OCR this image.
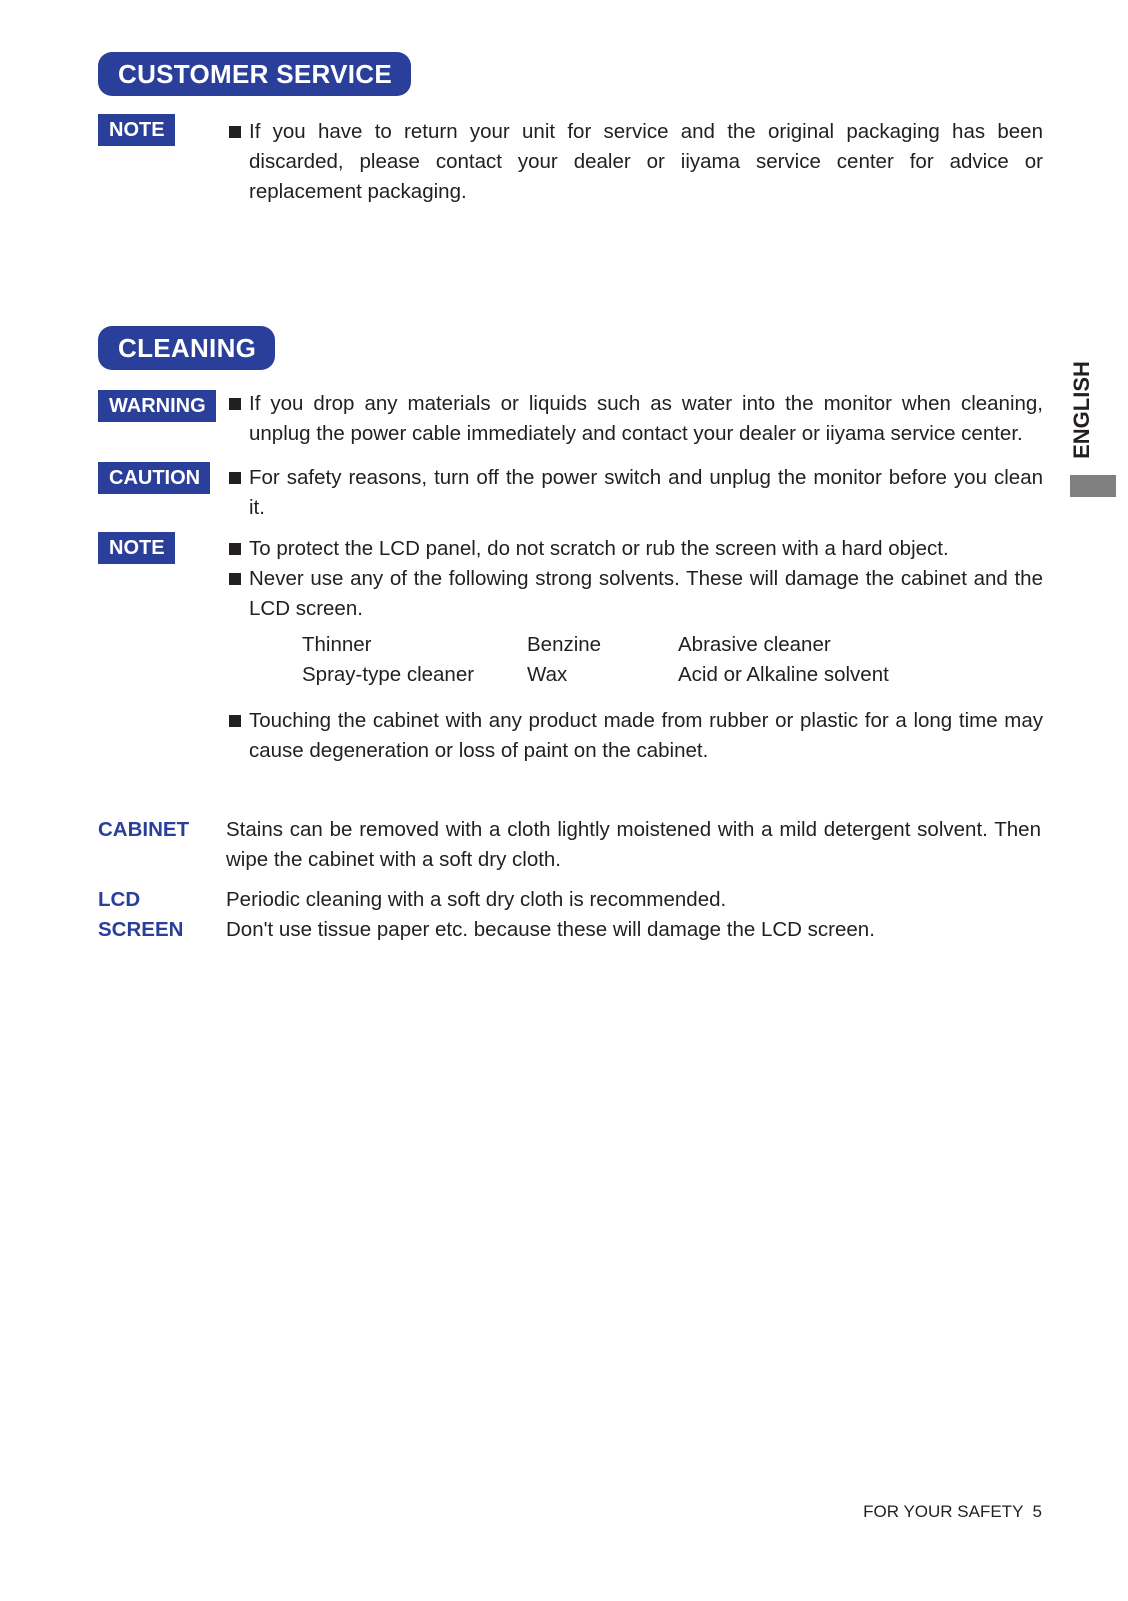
ENGLISH
CUSTOMER SERVICE
NOTE	If you have to return your unit for service and the original packaging has been discarded, please contact your dealer or iiyama service center for advice or replacement packaging.
CLEANING
WARNING	If you drop any materials or liquids such as water into the monitor when cleaning, unplug the power cable immediately and contact your dealer or iiyama service center.
CAUTION	For safety reasons, turn off the power switch and unplug the monitor before you clean it.
NOTE	To protect the LCD panel, do not scratch or rub the screen with a hard object.
Never use any of the following strong solvents. These will damage the cabinet and the LCD screen.
Thinner	Benzine	Abrasive cleaner
Spray-type cleaner	Wax	Acid or Alkaline solvent
Touching the cabinet with any product made from rubber or plastic for a long time may cause degeneration or loss of paint on the cabinet.
CABINET Stains can be removed with a cloth lightly moistened with a mild detergent solvent. Then wipe the cabinet with a soft dry cloth.
LCD
SCREEN
Periodic cleaning with a soft dry cloth is recommended.
Don't use tissue paper etc. because these will damage the LCD screen.
FOR YOUR SAFETY  5
